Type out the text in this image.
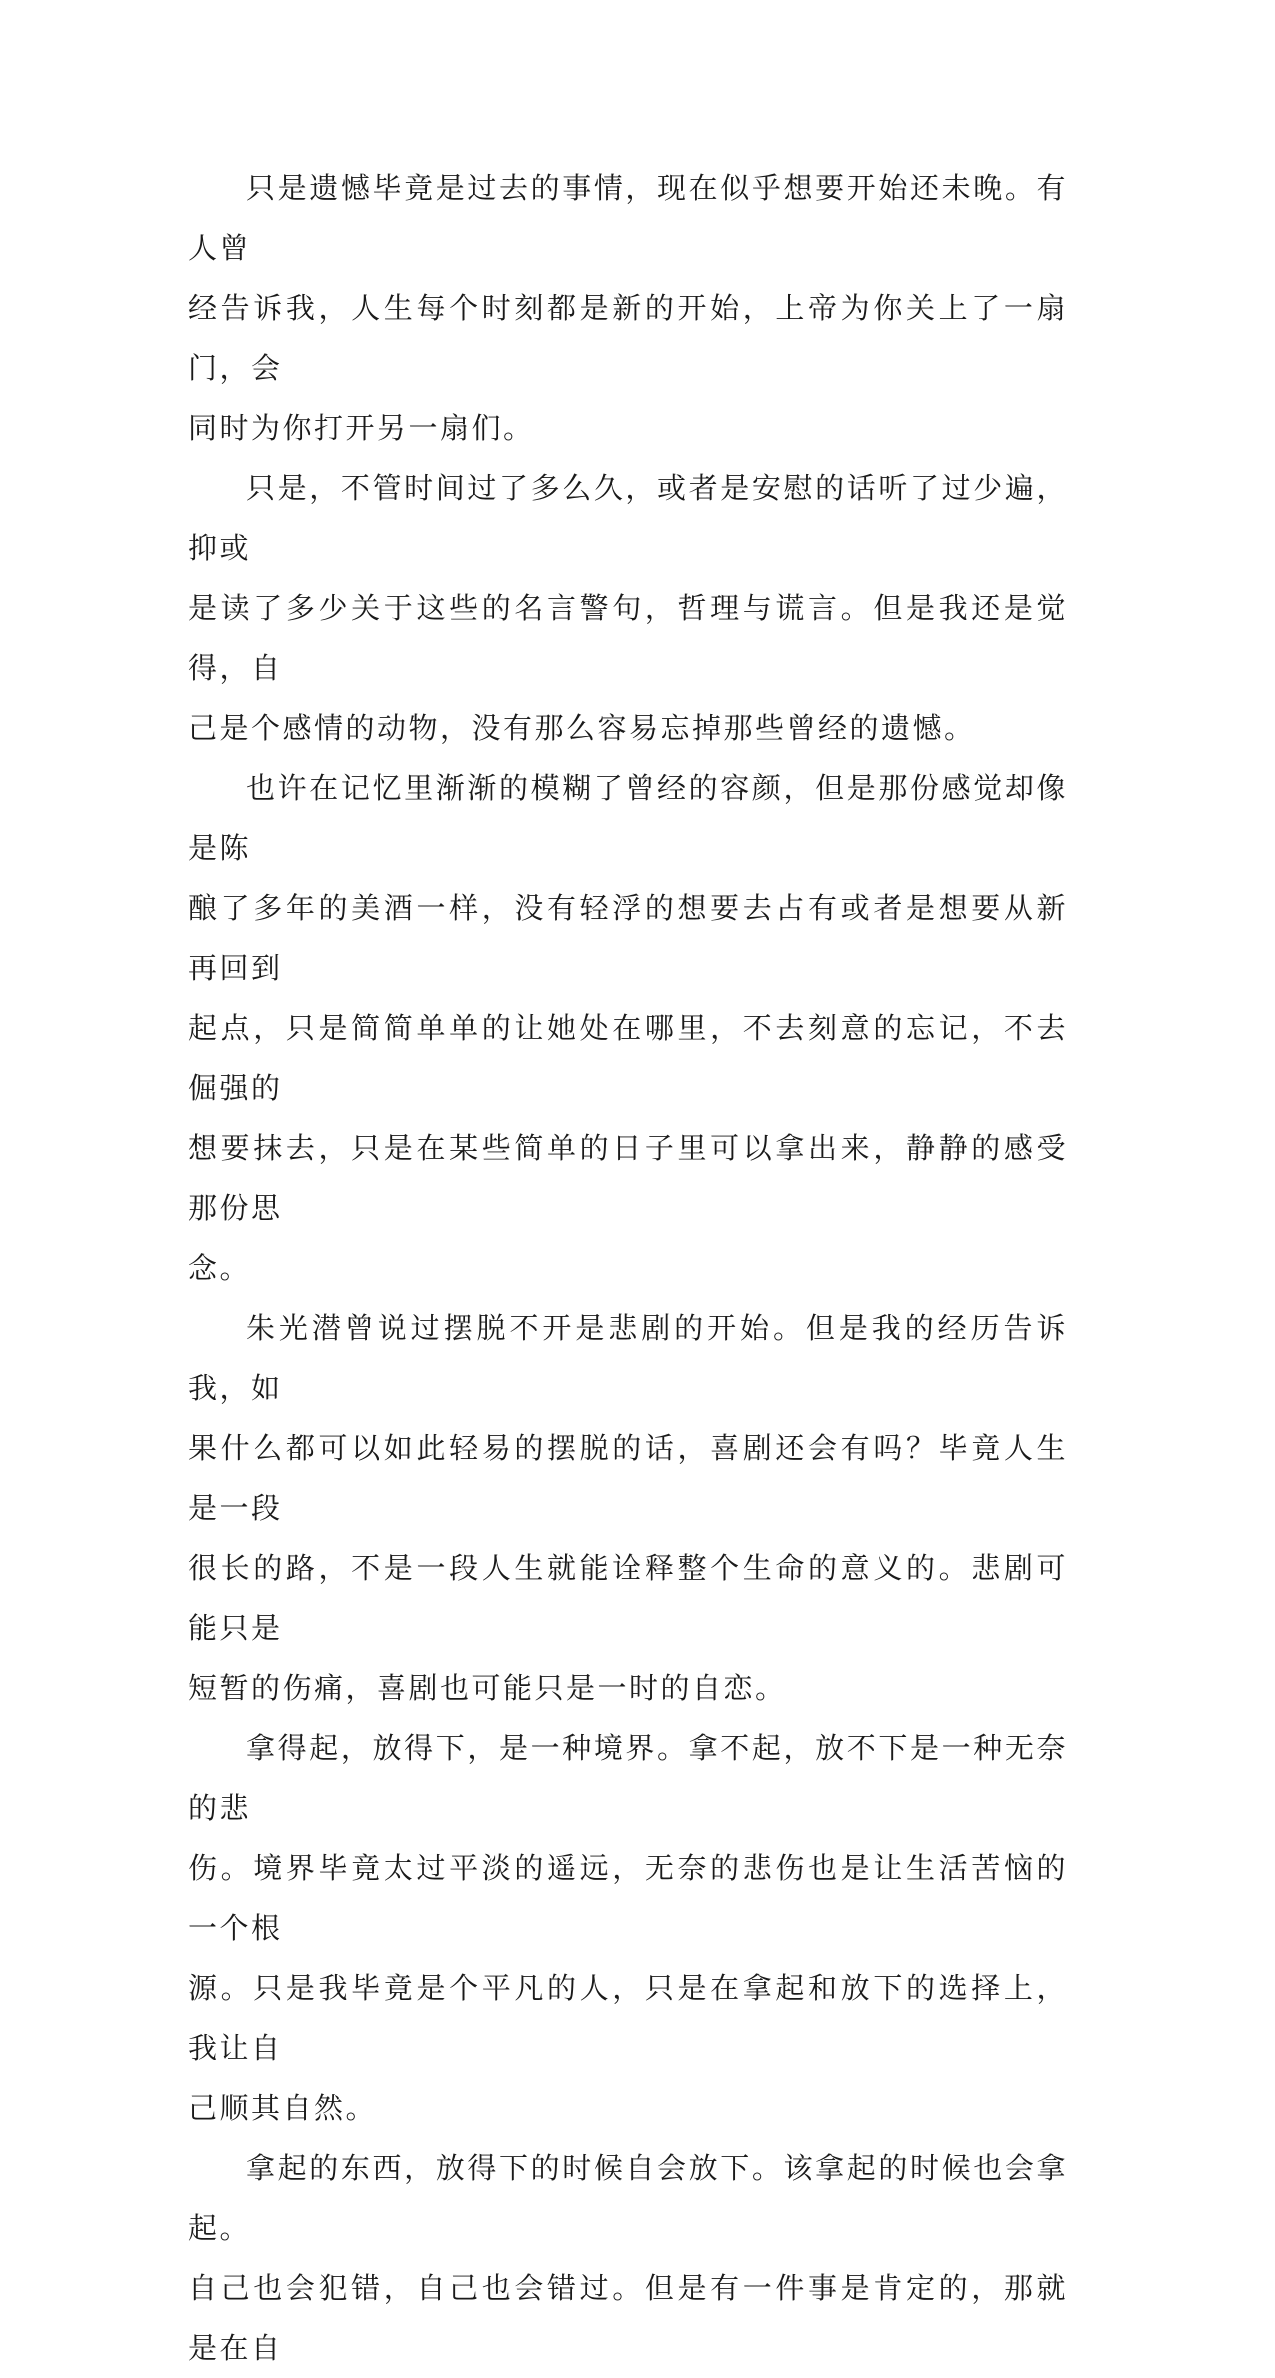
只是遗憾毕竟是过去的事情，现在似乎想要开始还未晚。有人曾
经告诉我，人生每个时刻都是新的开始，上帝为你关上了一扇门，会
同时为你打开另一扇们。

只是，不管时间过了多么久，或者是安慰的话听了过少遍，抑或
是读了多少关于这些的名言警句，哲理与谎言。但是我还是觉得，自
己是个感情的动物，没有那么容易忘掉那些曾经的遗憾。

也许在记忆里渐渐的模糊了曾经的容颜，但是那份感觉却像是陈
酿了多年的美酒一样，没有轻浮的想要去占有或者是想要从新再回到
起点，只是简简单单的让她处在哪里，不去刻意的忘记，不去倔强的
想要抹去，只是在某些简单的日子里可以拿出来，静静的感受那份思
念。

朱光潜曾说过摆脱不开是悲剧的开始。但是我的经历告诉我，如
果什么都可以如此轻易的摆脱的话，喜剧还会有吗？毕竟人生是一段
很长的路，不是一段人生就能诠释整个生命的意义的。悲剧可能只是
短暂的伤痛，喜剧也可能只是一时的自恋。

拿得起，放得下，是一种境界。拿不起，放不下是一种无奈的悲
伤。境界毕竟太过平淡的遥远，无奈的悲伤也是让生活苦恼的一个根
源。只是我毕竟是个平凡的人，只是在拿起和放下的选择上，我让自
己顺其自然。

拿起的东西，放得下的时候自会放下。该拿起的时候也会拿起。
自己也会犯错，自己也会错过。但是有一件事是肯定的，那就是在自
